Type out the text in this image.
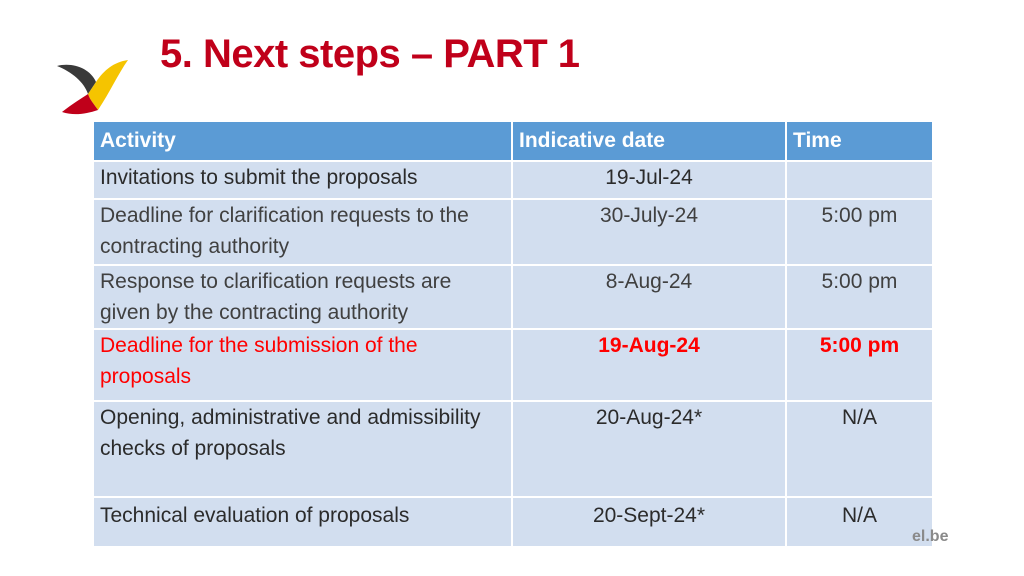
5. Next steps – PART 1
Activity	Indicative date	Time
Invitations to submit the proposals	19-Jul-24	
Deadline for clarification requests to the contracting authority	30-July-24	5:00 pm
Response to clarification requests are given by the contracting authority	8-Aug-24	5:00 pm
Deadline for the submission of the proposals	19-Aug-24	5:00 pm
Opening, administrative and admissibility checks of proposals	20-Aug-24*	N/A
Technical evaluation of proposals	20-Sept-24*	N/A
el.be
